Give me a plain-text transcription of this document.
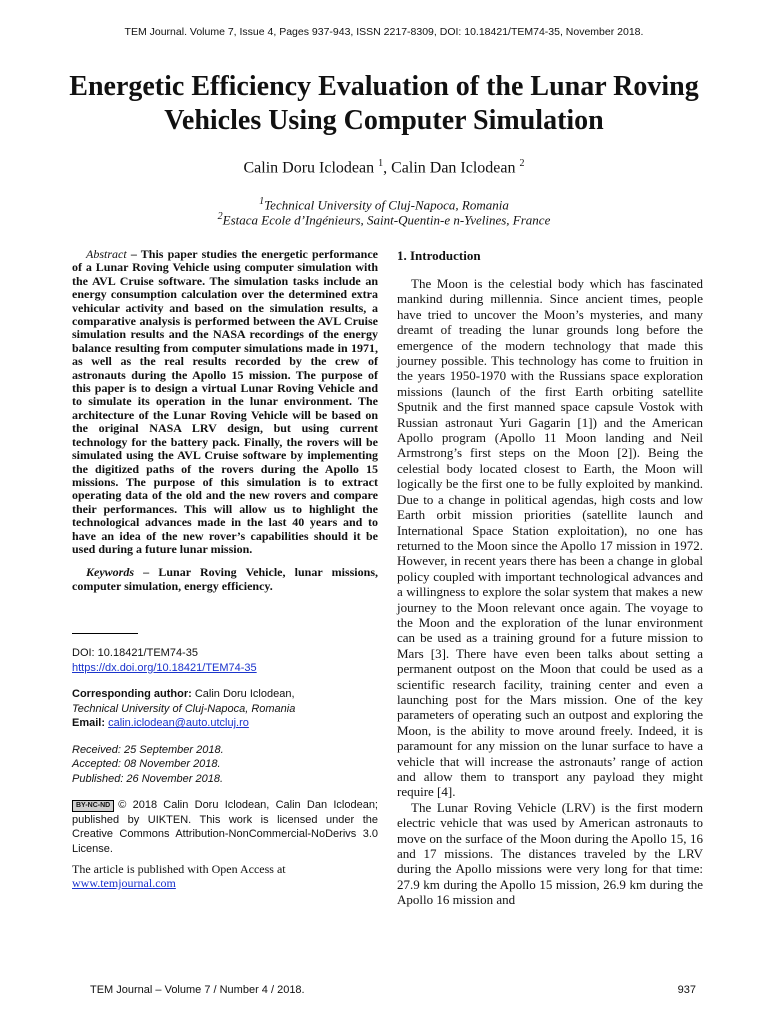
TEM Journal. Volume 7, Issue 4, Pages 937-943, ISSN 2217-8309, DOI: 10.18421/TEM74-35, November 2018.
Energetic Efficiency Evaluation of the Lunar Roving Vehicles Using Computer Simulation
Calin Doru Iclodean $^1$, Calin Dan Iclodean $^2$
$^1$Technical University of Cluj-Napoca, Romania
$^2$Estaca Ecole d’Ingénieurs, Saint-Quentin-e n-Yvelines, France

Abstract – This paper studies the energetic performance of a Lunar Roving Vehicle using computer simulation with the AVL Cruise software. The simulation tasks include an energy consumption calculation over the determined extra vehicular activity and based on the simulation results, a comparative analysis is performed between the AVL Cruise simulation results and the NASA recordings of the energy balance resulting from computer simulations made in 1971, as well as the real results recorded by the crew of astronauts during the Apollo 15 mission. The purpose of this paper is to design a virtual Lunar Roving Vehicle and to simulate its operation in the lunar environment. The architecture of the Lunar Roving Vehicle will be based on the original NASA LRV design, but using current technology for the battery pack. Finally, the rovers will be simulated using the AVL Cruise software by implementing the digitized paths of the rovers during the Apollo 15 missions. The purpose of this simulation is to extract operating data of the old and the new rovers and compare their performances. This will allow us to highlight the technological advances made in the last 40 years and to have an idea of the new rover’s capabilities should it be used during a future lunar mission.

Keywords – Lunar Roving Vehicle, lunar missions, computer simulation, energy efficiency.

DOI: 10.18421/TEM74-35
https://dx.doi.org/10.18421/TEM74-35

Corresponding author: Calin Doru Iclodean,
Technical University of Cluj-Napoca, Romania
Email: calin.iclodean@auto.utcluj.ro

Received: 25 September 2018.
Accepted: 08 November 2018.
Published: 26 November 2018.

BY-NC-ND © 2018 Calin Doru Iclodean, Calin Dan Iclodean; published by UIKTEN. This work is licensed under the Creative Commons Attribution-NonCommercial-NoDerivs 3.0 License.

The article is published with Open Access at
www.temjournal.com

1. Introduction

The Moon is the celestial body which has fascinated mankind during millennia. Since ancient times, people have tried to uncover the Moon’s mysteries, and many dreamt of treading the lunar grounds long before the emergence of the modern technology that made this journey possible. This technology has come to fruition in the years 1950-1970 with the Russians space exploration missions (launch of the first Earth orbiting satellite Sputnik and the first manned space capsule Vostok with Russian astronaut Yuri Gagarin [1]) and the American Apollo program (Apollo 11 Moon landing and Neil Armstrong’s first steps on the Moon [2]). Being the celestial body located closest to Earth, the Moon will logically be the first one to be fully exploited by mankind. Due to a change in political agendas, high costs and low Earth orbit mission priorities (satellite launch and International Space Station exploitation), no one has returned to the Moon since the Apollo 17 mission in 1972. However, in recent years there has been a change in global policy coupled with important technological advances and a willingness to explore the solar system that makes a new journey to the Moon relevant once again. The voyage to the Moon and the exploration of the lunar environment can be used as a training ground for a future mission to Mars [3]. There have even been talks about setting a permanent outpost on the Moon that could be used as a scientific research facility, training center and even a launching post for the Mars mission. One of the key parameters of operating such an outpost and exploring the Moon, is the ability to move around freely. Indeed, it is paramount for any mission on the lunar surface to have a vehicle that will increase the astronauts’ range of action and allow them to transport any payload they might require [4].

The Lunar Roving Vehicle (LRV) is the first modern electric vehicle that was used by American astronauts to move on the surface of the Moon during the Apollo 15, 16 and 17 missions. The distances traveled by the LRV during the Apollo missions were very long for that time: 27.9 km during the Apollo 15 mission, 26.9 km during the Apollo 16 mission and

TEM Journal – Volume 7 / Number 4 / 2018.	937
